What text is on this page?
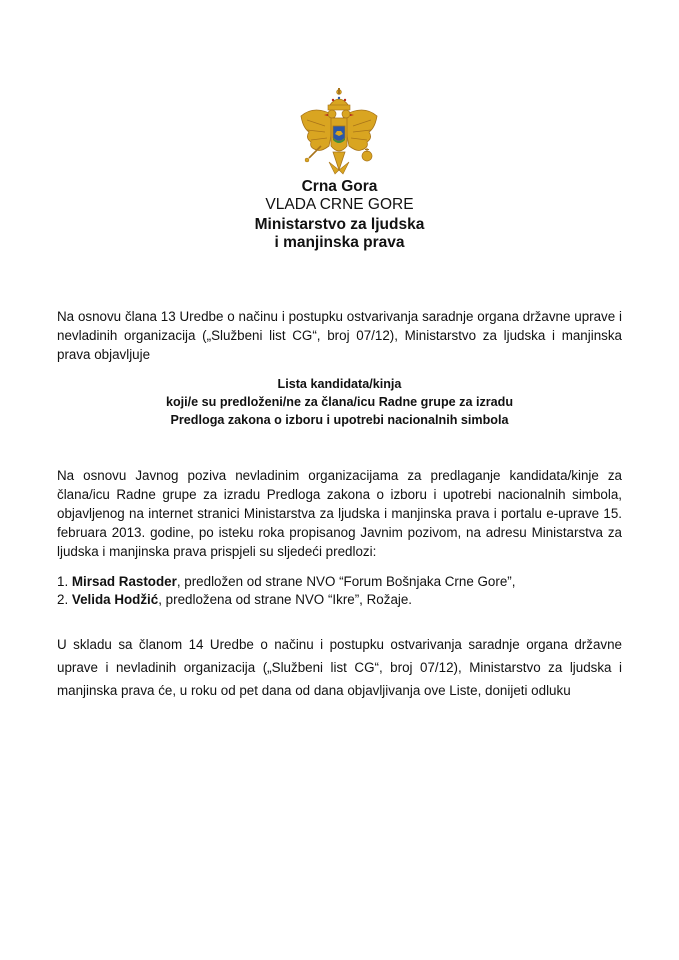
Crna Gora
VLADA CRNE GORE
Ministarstvo za ljudska
i manjinska prava

Na osnovu člana 13 Uredbe o načinu i postupku ostvarivanja saradnje organa državne uprave i nevladinih organizacija („Službeni list CG“, broj 07/12), Ministarstvo za ljudska i manjinska prava objavljuje

Lista kandidata/kinja
koji/e su predloženi/ne za člana/icu Radne grupe za izradu
Predloga zakona o izboru i upotrebi nacionalnih simbola

Na osnovu Javnog poziva nevladinim organizacijama za predlaganje kandidata/kinje za člana/icu Radne grupe za izradu Predloga zakona o izboru i upotrebi nacionalnih simbola, objavljenog na internet stranici Ministarstva za ljudska i manjinska prava i portalu e-uprave 15. februara 2013. godine, po isteku roka propisanog Javnim pozivom, na adresu Ministarstva za ljudska i manjinska prava prispjeli su sljedeći predlozi:

1. Mirsad Rastoder, predložen od strane NVO “Forum Bošnjaka Crne Gore”,
2. Velida Hodžić, predložena od strane NVO “Ikre”, Rožaje.

U skladu sa članom 14 Uredbe o načinu i postupku ostvarivanja saradnje organa državne uprave i nevladinih organizacija („Službeni list CG“, broj 07/12), Ministarstvo za ljudska i manjinska prava će, u roku od pet dana od dana objavljivanja ove Liste, donijeti odluku
